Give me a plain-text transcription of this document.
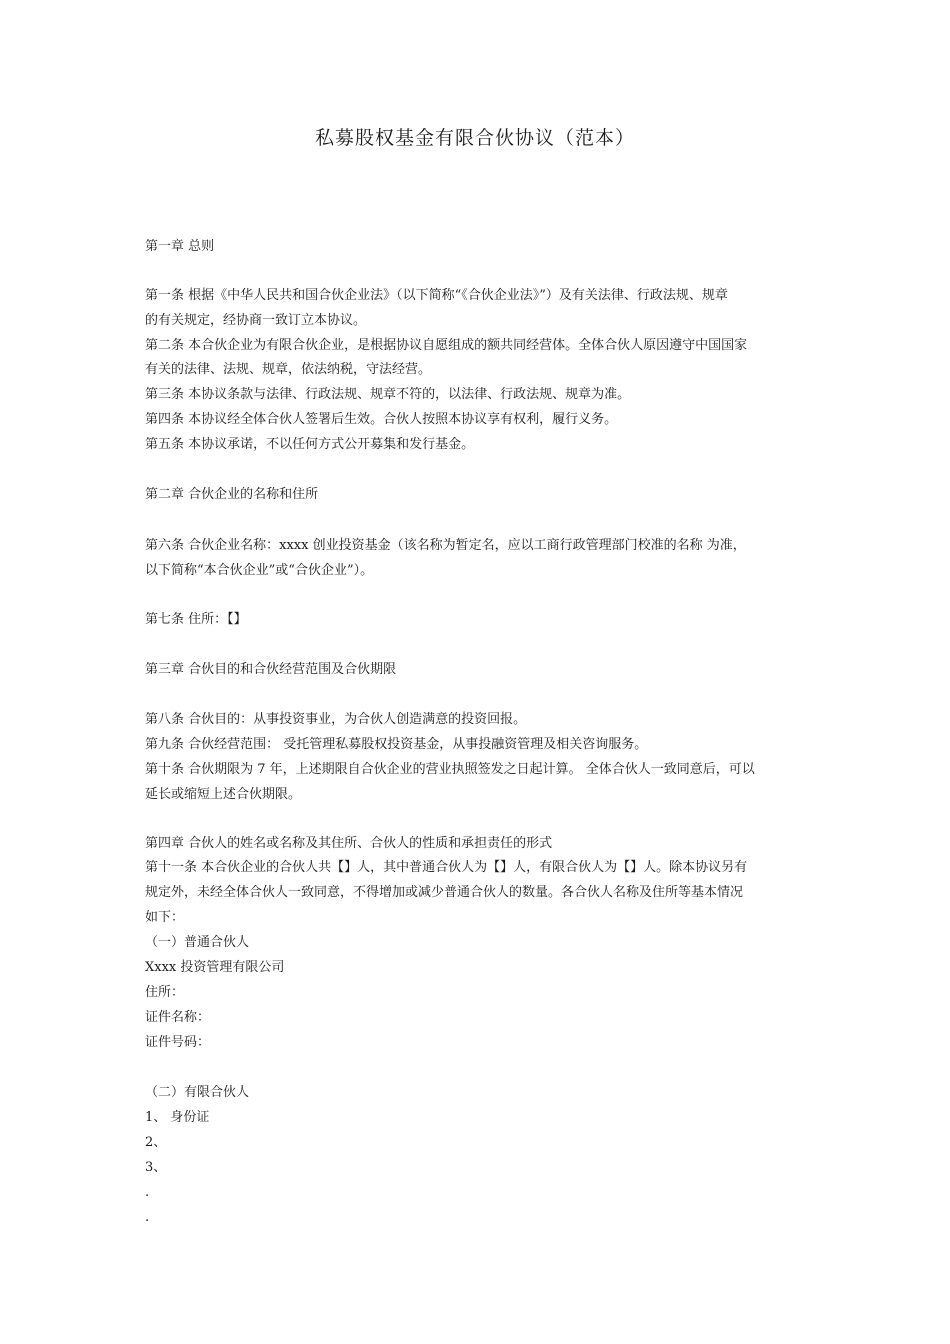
私募股权基金有限合伙协议（范本）
第一章 总则
第一条 根据《中华人民共和国合伙企业法》（以下简称“《合伙企业法》”）及有关法律、行政法规、规章
的有关规定，经协商一致订立本协议。
第二条 本合伙企业为有限合伙企业，是根据协议自愿组成的额共同经营体。全体合伙人原因遵守中国国家
有关的法律、法规、规章，依法纳税，守法经营。
第三条 本协议条款与法律、行政法规、规章不符的，以法律、行政法规、规章为准。
第四条 本协议经全体合伙人签署后生效。合伙人按照本协议享有权利，履行义务。
第五条 本协议承诺，不以任何方式公开募集和发行基金。
第二章 合伙企业的名称和住所
第六条 合伙企业名称：xxxx 创业投资基金（该名称为暂定名，应以工商行政管理部门校准的名称 为准，
以下简称“本合伙企业”或“合伙企业”）。
第七条 住所：【】
第三章 合伙目的和合伙经营范围及合伙期限
第八条 合伙目的：从事投资事业，为合伙人创造满意的投资回报。
第九条 合伙经营范围： 受托管理私募股权投资基金，从事投融资管理及相关咨询服务。
第十条 合伙期限为 7 年，上述期限自合伙企业的营业执照签发之日起计算。 全体合伙人一致同意后，可以
延长或缩短上述合伙期限。
第四章 合伙人的姓名或名称及其住所、合伙人的性质和承担责任的形式
第十一条 本合伙企业的合伙人共【】人，其中普通合伙人为【】人，有限合伙人为【】人。除本协议另有
规定外，未经全体合伙人一致同意，不得增加或减少普通合伙人的数量。各合伙人名称及住所等基本情况
如下：
（一）普通合伙人
Xxxx 投资管理有限公司
住所：
证件名称：
证件号码：
（二）有限合伙人
1、 身份证
2、
3、
.
.
